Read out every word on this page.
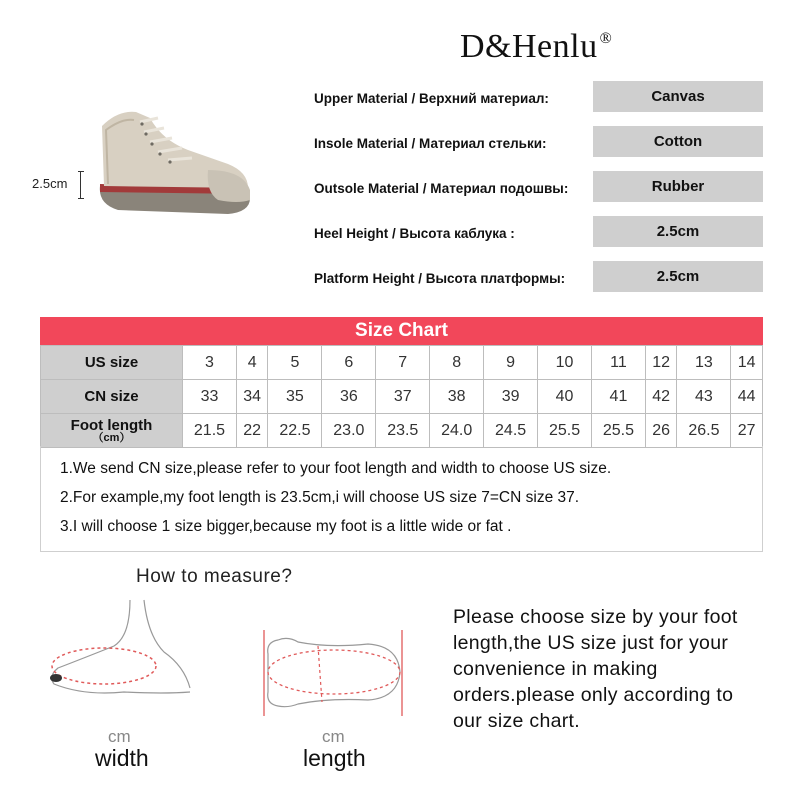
D&Henlu ®
2.5cm
Upper Material / Верхний материал:	Canvas
Insole Material / Материал стельки:	Cotton
Outsole Material / Материал подошвы:	Rubber
Heel Height / Высота каблука :	2.5cm
Platform Height / Высота платформы:	2.5cm
Size Chart
US size	3	4	5	6	7	8	9	10	11	12	13	14
CN size	33	34	35	36	37	38	39	40	41	42	43	44

Foot length
（cm）	21.5	22	22.5	23.0	23.5	24.0	24.5	25.5	25.5	26	26.5	27
1.We send CN size,please refer to your foot length and width to choose US size.
2.For example,my foot length is 23.5cm,i will choose US size 7=CN size 37.
3.I will choose 1 size bigger,because my foot is a little wide or fat .
How to measure?
cm
width
cm
length
Please choose size by your foot length,the US size just for your convenience in making orders.please only according to our size chart.
